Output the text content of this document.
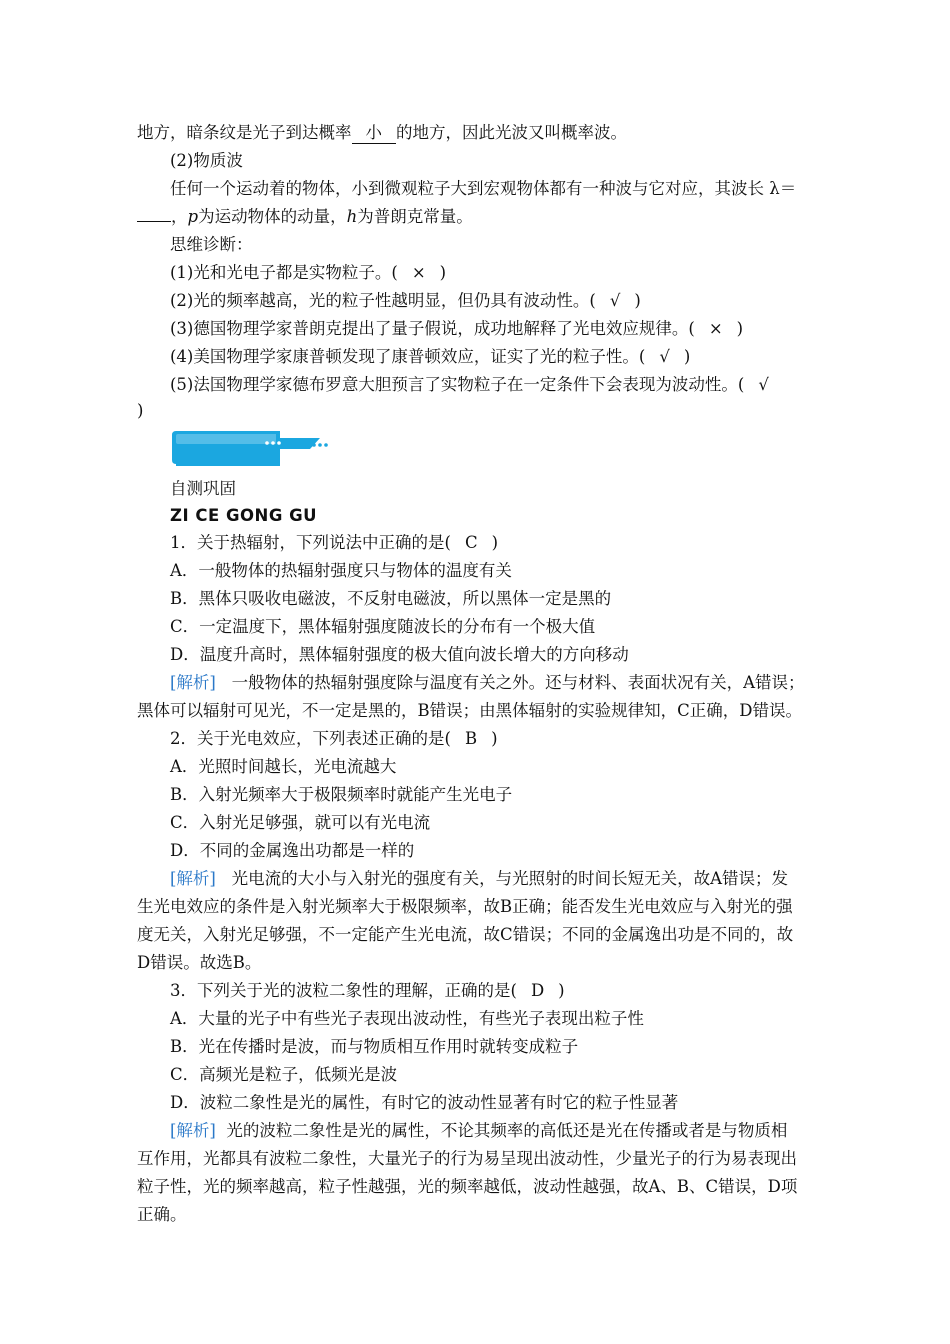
地方，暗条纹是光子到达概率 小 的地方，因此光波又叫概率波。
(2)物质波
任何一个运动着的物体，小到微观粒子大到宏观物体都有一种波与它对应，其波长 λ＝
，p为运动物体的动量，h为普朗克常量。
思维诊断：
(1)光和光电子都是实物粒子。( × )
(2)光的频率越高，光的粒子性越明显，但仍具有波动性。( √ )
(3)德国物理学家普朗克提出了量子假说，成功地解释了光电效应规律。( × )
(4)美国物理学家康普顿发现了康普顿效应，证实了光的粒子性。( √ )
(5)法国物理学家德布罗意大胆预言了实物粒子在一定条件下会表现为波动性。( √
)
自测巩固
ZI CE GONG GU
1．关于热辐射，下列说法中正确的是( C )
A．一般物体的热辐射强度只与物体的温度有关
B．黑体只吸收电磁波，不反射电磁波，所以黑体一定是黑的
C．一定温度下，黑体辐射强度随波长的分布有一个极大值
D．温度升高时，黑体辐射强度的极大值向波长增大的方向移动
[解析] 一般物体的热辐射强度除与温度有关之外。还与材料、表面状况有关，A错误；
黑体可以辐射可见光，不一定是黑的，B错误；由黑体辐射的实验规律知，C正确，D错误。
2．关于光电效应，下列表述正确的是( B )
A．光照时间越长，光电流越大
B．入射光频率大于极限频率时就能产生光电子
C．入射光足够强，就可以有光电流
D．不同的金属逸出功都是一样的
[解析] 光电流的大小与入射光的强度有关，与光照射的时间长短无关，故A错误；发
生光电效应的条件是入射光频率大于极限频率，故B正确；能否发生光电效应与入射光的强
度无关，入射光足够强，不一定能产生光电流，故C错误；不同的金属逸出功是不同的，故
D错误。故选B。
3．下列关于光的波粒二象性的理解，正确的是( D )
A．大量的光子中有些光子表现出波动性，有些光子表现出粒子性
B．光在传播时是波，而与物质相互作用时就转变成粒子
C．高频光是粒子，低频光是波
D．波粒二象性是光的属性，有时它的波动性显著有时它的粒子性显著
[解析] 光的波粒二象性是光的属性，不论其频率的高低还是光在传播或者是与物质相
互作用，光都具有波粒二象性，大量光子的行为易呈现出波动性，少量光子的行为易表现出
粒子性，光的频率越高，粒子性越强，光的频率越低，波动性越强，故A、B、C错误，D项
正确。
